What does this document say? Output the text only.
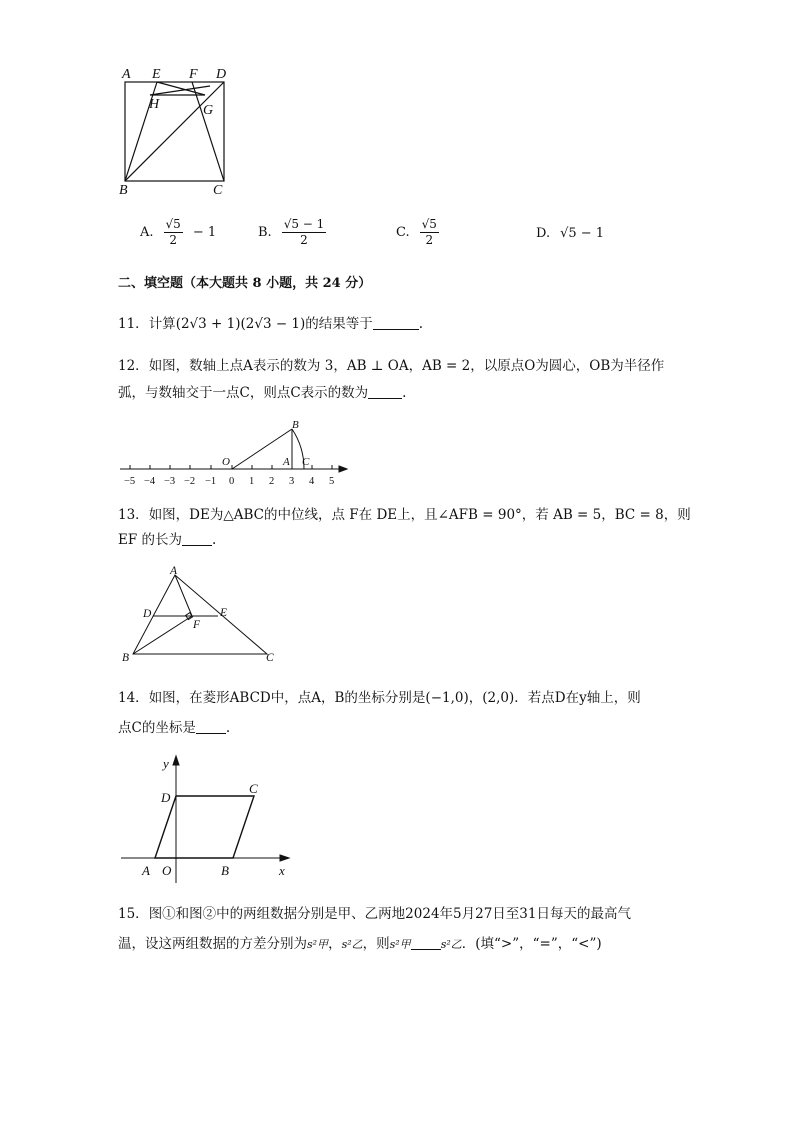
A E F D
H	G
B	C
A. $\frac{√5}{2} - 1$	B. $\frac{√5 - 1}{2}$	C. $\frac{√5}{2}$	D. √5 − 1
二、填空题（本大题共 8 小题，共 24 分）
11．计算(2√3 + 1)(2√3 − 1)的结果等于	.
12．如图，数轴上点A表示的数为 3，AB ⊥ OA，AB = 2，以原点O为圆心，OB为半径作
弧，与数轴交于一点C，则点C表示的数为	.
−5 −4 −3 −2 −1 0 1 2 3 4 5
O	A
B
C
13．如图，DE为△ABC的中位线，点 F在 DE上，且∠AFB = 90°，若 AB = 5，BC = 8，则
EF 的长为 .
A
D	E
F
B	C
14．如图，在菱形ABCD中，点A，B的坐标分别是(−1,0)，(2,0)．若点D在y轴上，则
点C的坐标是 .
y
x
D
C
A O	B
15．图①和图②中的两组数据分别是甲、乙两地2024年5月27日至31日每天的最高气
温，设这两组数据的方差分别为s²甲，s²乙，则s²甲	s²乙．(填“>”，“=”，“<”)
